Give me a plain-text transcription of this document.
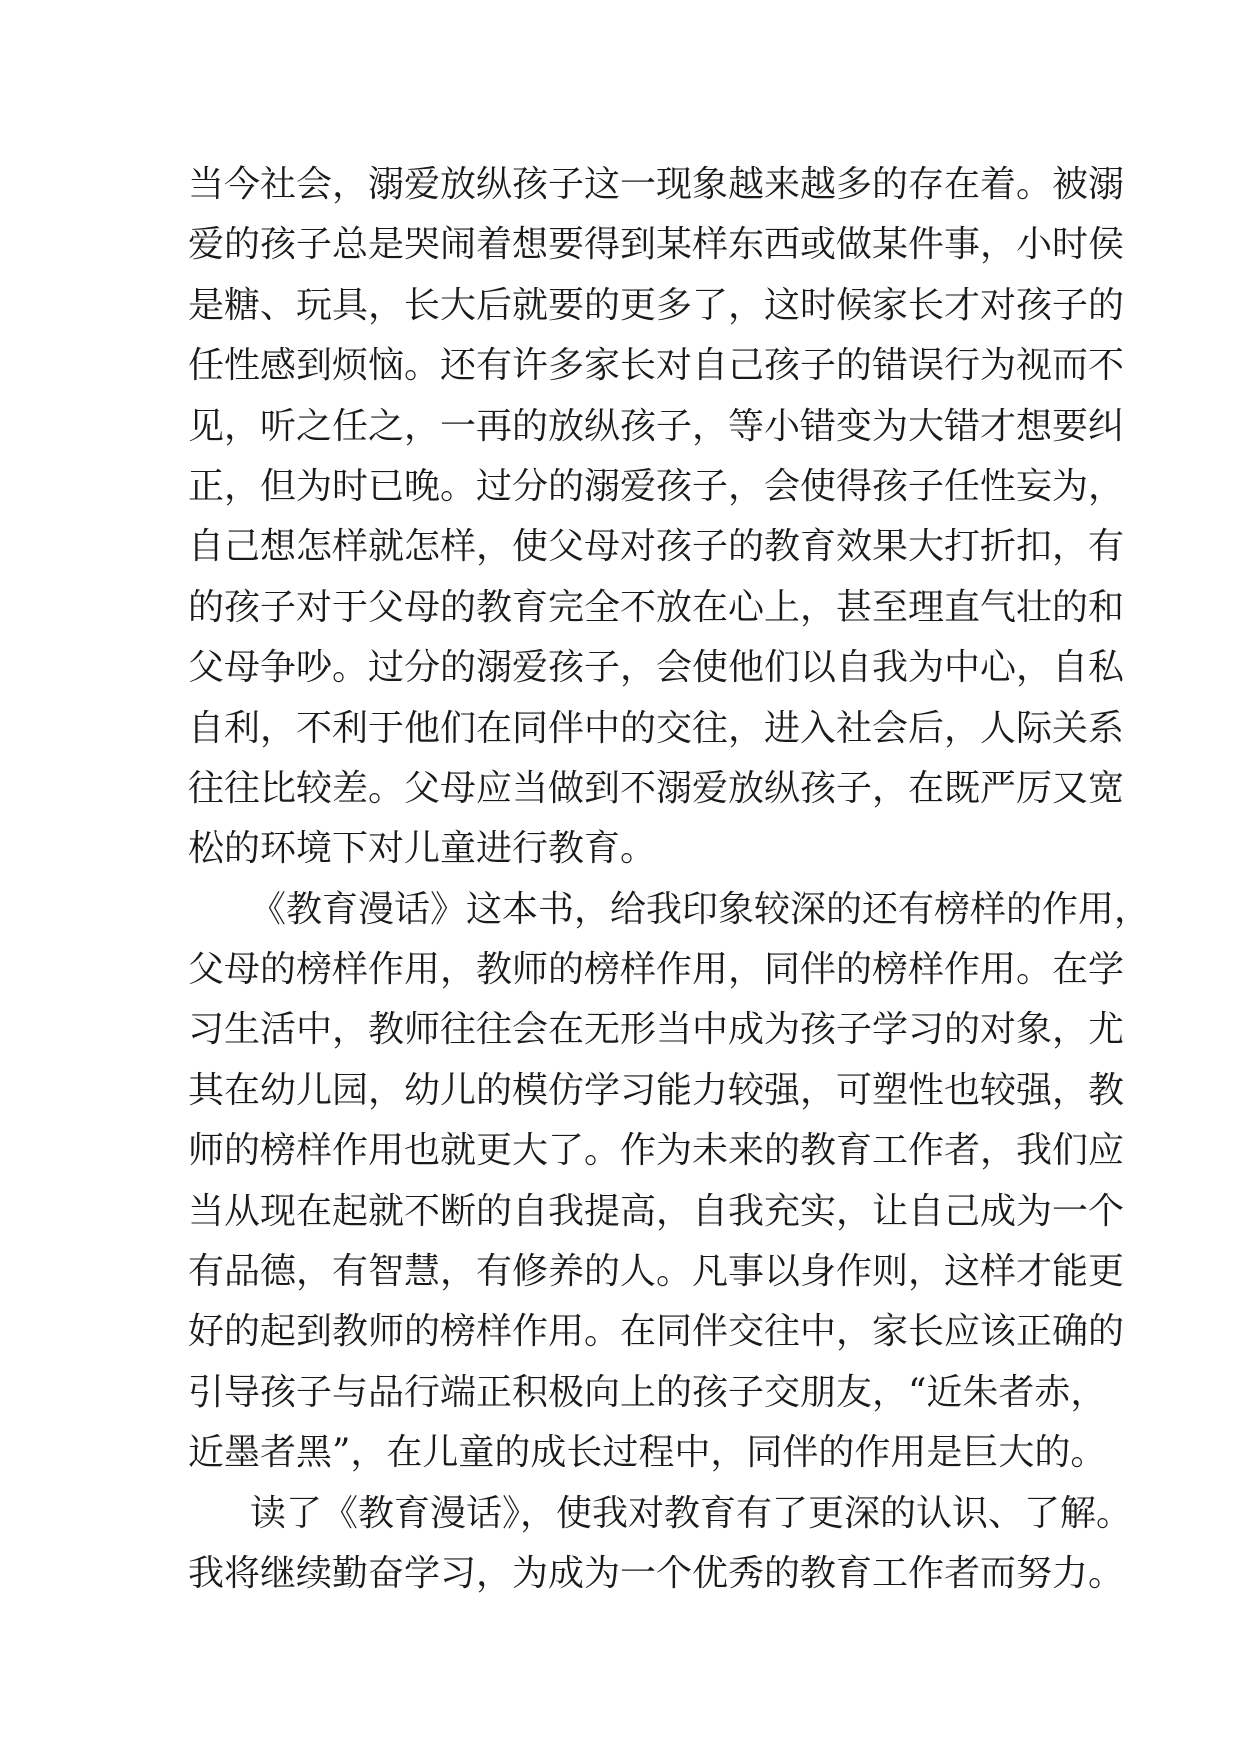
当今社会，溺爱放纵孩子这一现象越来越多的存在着。被溺
爱的孩子总是哭闹着想要得到某样东西或做某件事，小时侯
是糖、玩具，长大后就要的更多了，这时候家长才对孩子的
任性感到烦恼。还有许多家长对自己孩子的错误行为视而不
见，听之任之，一再的放纵孩子，等小错变为大错才想要纠
正，但为时已晚。过分的溺爱孩子，会使得孩子任性妄为，
自己想怎样就怎样，使父母对孩子的教育效果大打折扣，有
的孩子对于父母的教育完全不放在心上，甚至理直气壮的和
父母争吵。过分的溺爱孩子，会使他们以自我为中心，自私
自利，不利于他们在同伴中的交往，进入社会后，人际关系
往往比较差。父母应当做到不溺爱放纵孩子，在既严厉又宽
松的环境下对儿童进行教育。
《教育漫话》这本书，给我印象较深的还有榜样的作用，
父母的榜样作用，教师的榜样作用，同伴的榜样作用。在学
习生活中，教师往往会在无形当中成为孩子学习的对象，尤
其在幼儿园，幼儿的模仿学习能力较强，可塑性也较强，教
师的榜样作用也就更大了。作为未来的教育工作者，我们应
当从现在起就不断的自我提高，自我充实，让自己成为一个
有品德，有智慧，有修养的人。凡事以身作则，这样才能更
好的起到教师的榜样作用。在同伴交往中，家长应该正确的
引导孩子与品行端正积极向上的孩子交朋友，“近朱者赤，
近墨者黑”，在儿童的成长过程中，同伴的作用是巨大的。
读了《教育漫话》，使我对教育有了更深的认识、了解。
我将继续勤奋学习，为成为一个优秀的教育工作者而努力。
